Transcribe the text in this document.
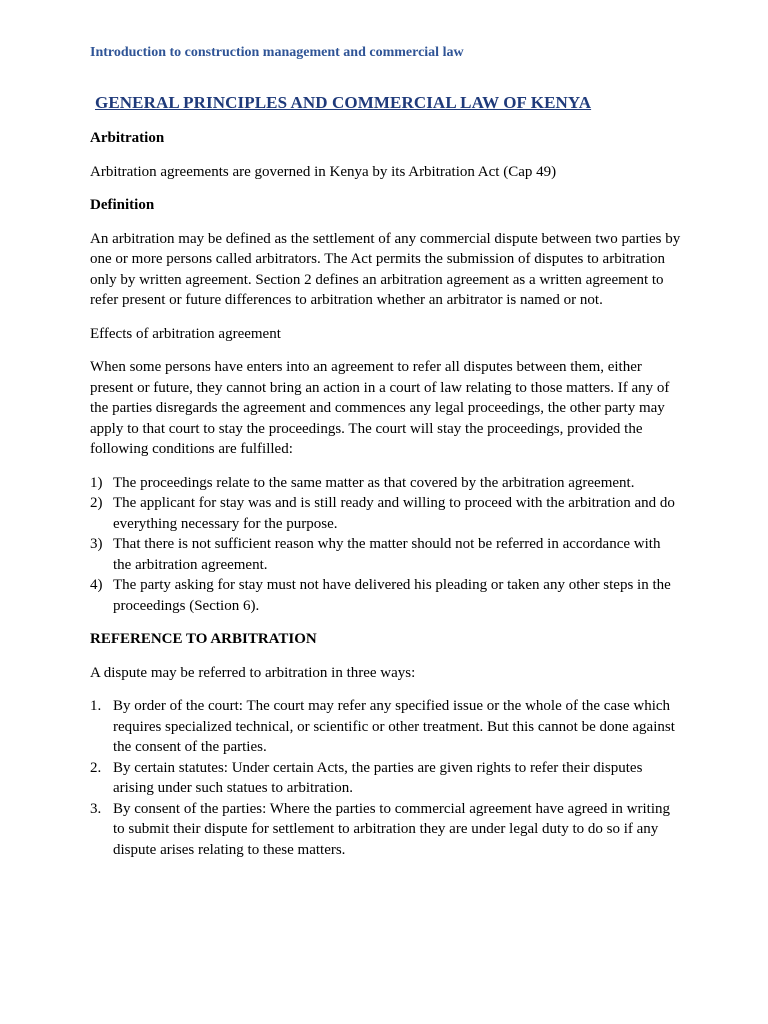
Introduction to construction management and commercial law
GENERAL PRINCIPLES AND COMMERCIAL LAW OF KENYA
Arbitration
Arbitration agreements are governed in Kenya by its Arbitration Act (Cap 49)
Definition
An arbitration may be defined as the settlement of any commercial dispute between two parties by one or more persons called arbitrators. The Act permits the submission of disputes to arbitration only by written agreement. Section 2 defines an arbitration agreement as a written agreement to refer present or future differences to arbitration whether an arbitrator is named or not.
Effects of arbitration agreement
When some persons have enters into an agreement to refer all disputes between them, either present or future, they cannot bring an action in a court of law relating to those matters. If any of the parties disregards the agreement and commences any legal proceedings, the other party may apply to that court to stay the proceedings. The court will stay the proceedings, provided the following conditions are fulfilled:
1) The proceedings relate to the same matter as that covered by the arbitration agreement.
2) The applicant for stay was and is still ready and willing to proceed with the arbitration and do everything necessary for the purpose.
3) That there is not sufficient reason why the matter should not be referred in accordance with the arbitration agreement.
4) The party asking for stay must not have delivered his pleading or taken any other steps in the proceedings (Section 6).
REFERENCE TO ARBITRATION
A dispute may be referred to arbitration in three ways:
1. By order of the court: The court may refer any specified issue or the whole of the case which requires specialized technical, or scientific or other treatment. But this cannot be done against the consent of the parties.
2. By certain statutes: Under certain Acts, the parties are given rights to refer their disputes arising under such statues to arbitration.
3. By consent of the parties: Where the parties to commercial agreement have agreed in writing to submit their dispute for settlement to arbitration they are under legal duty to do so if any dispute arises relating to these matters.
